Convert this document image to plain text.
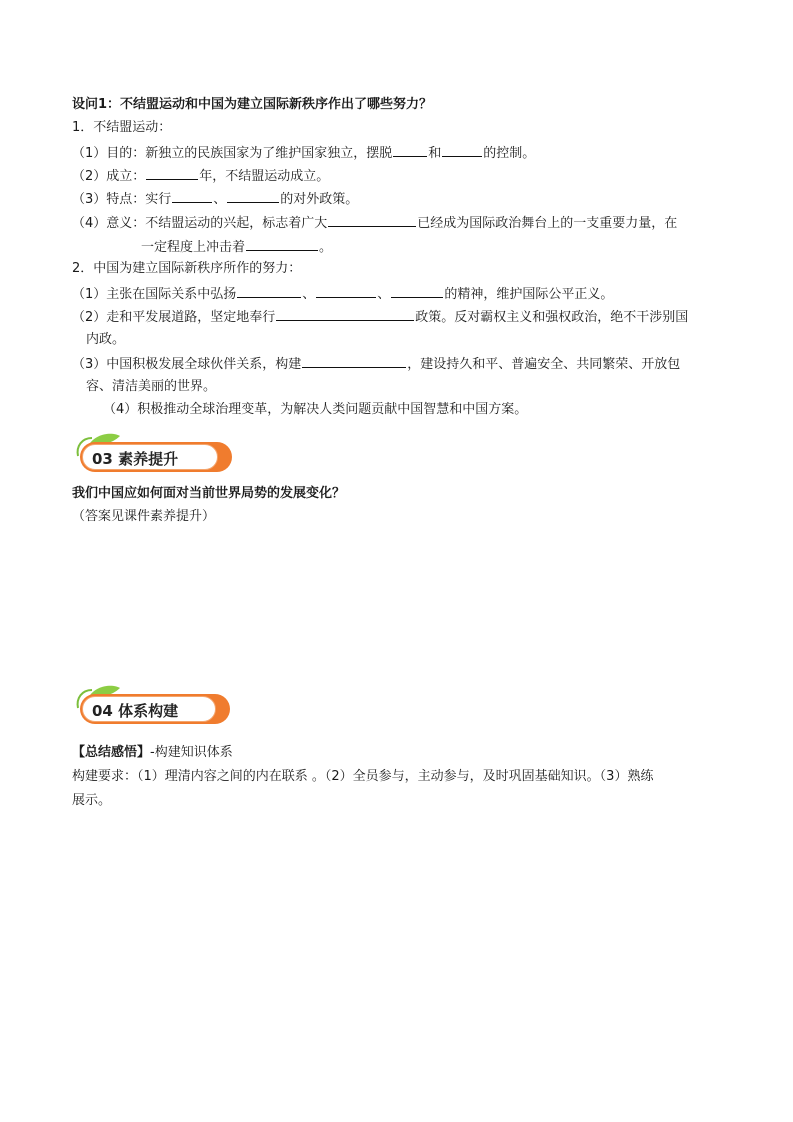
设问1：不结盟运动和中国为建立国际新秩序作出了哪些努力？
1．不结盟运动：
（1）目的：新独立的民族国家为了维护国家独立，摆脱	和	的控制。
（2）成立：	年，不结盟运动成立。
（3）特点：实行	、	的对外政策。
（4）意义：不结盟运动的兴起，标志着广大	已经成为国际政治舞台上的一支重要力量，在
一定程度上冲击着	。
2．中国为建立国际新秩序所作的努力：
（1）主张在国际关系中弘扬	、	、	的精神，维护国际公平正义。
（2）走和平发展道路，坚定地奉行	政策。反对霸权主义和强权政治，绝不干涉别国
内政。
（3）中国积极发展全球伙伴关系，构建	，建设持久和平、普遍安全、共同繁荣、开放包
容、清洁美丽的世界。
（4）积极推动全球治理变革，为解决人类问题贡献中国智慧和中国方案。
03 素养提升
我们中国应如何面对当前世界局势的发展变化？
（答案见课件素养提升）
04 体系构建
【总结感悟】-构建知识体系
构建要求：（1）理清内容之间的内在联系 。（2）全员参与，主动参与，及时巩固基础知识。（3）熟练
展示。
